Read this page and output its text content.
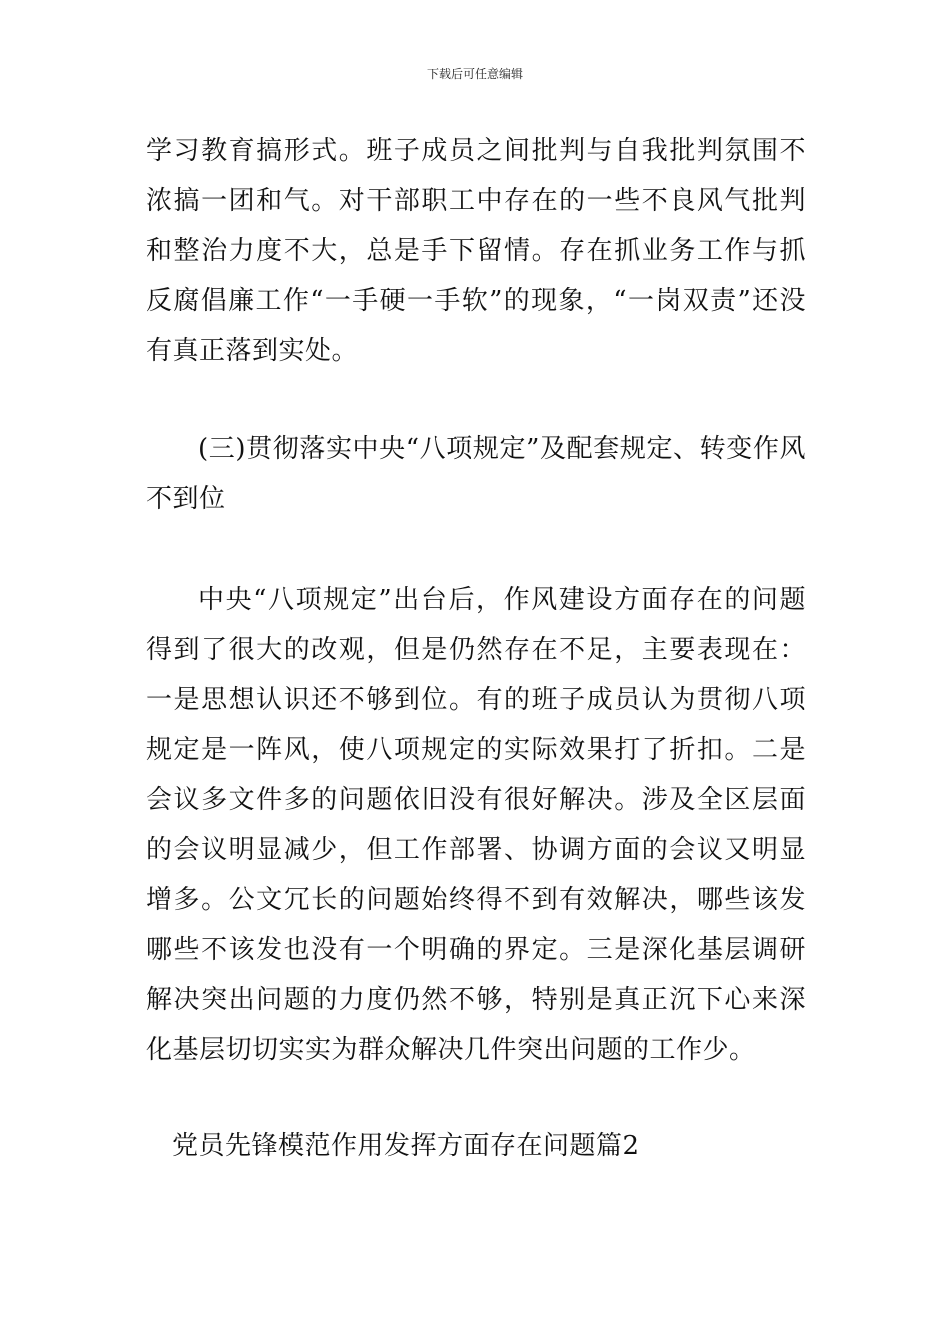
下载后可任意编辑

学习教育搞形式。班子成员之间批判与自我批判氛围不浓搞一团和气。对干部职工中存在的一些不良风气批判和整治力度不大，总是手下留情。存在抓业务工作与抓反腐倡廉工作“一手硬一手软”的现象，“一岗双责”还没有真正落到实处。

(三)贯彻落实中央“八项规定”及配套规定、转变作风不到位

中央“八项规定”出台后，作风建设方面存在的问题得到了很大的改观，但是仍然存在不足，主要表现在：一是思想认识还不够到位。有的班子成员认为贯彻八项规定是一阵风，使八项规定的实际效果打了折扣。二是会议多文件多的问题依旧没有很好解决。涉及全区层面的会议明显减少，但工作部署、协调方面的会议又明显增多。公文冗长的问题始终得不到有效解决，哪些该发哪些不该发也没有一个明确的界定。三是深化基层调研解决突出问题的力度仍然不够，特别是真正沉下心来深化基层切切实实为群众解决几件突出问题的工作少。

党员先锋模范作用发挥方面存在问题篇2
